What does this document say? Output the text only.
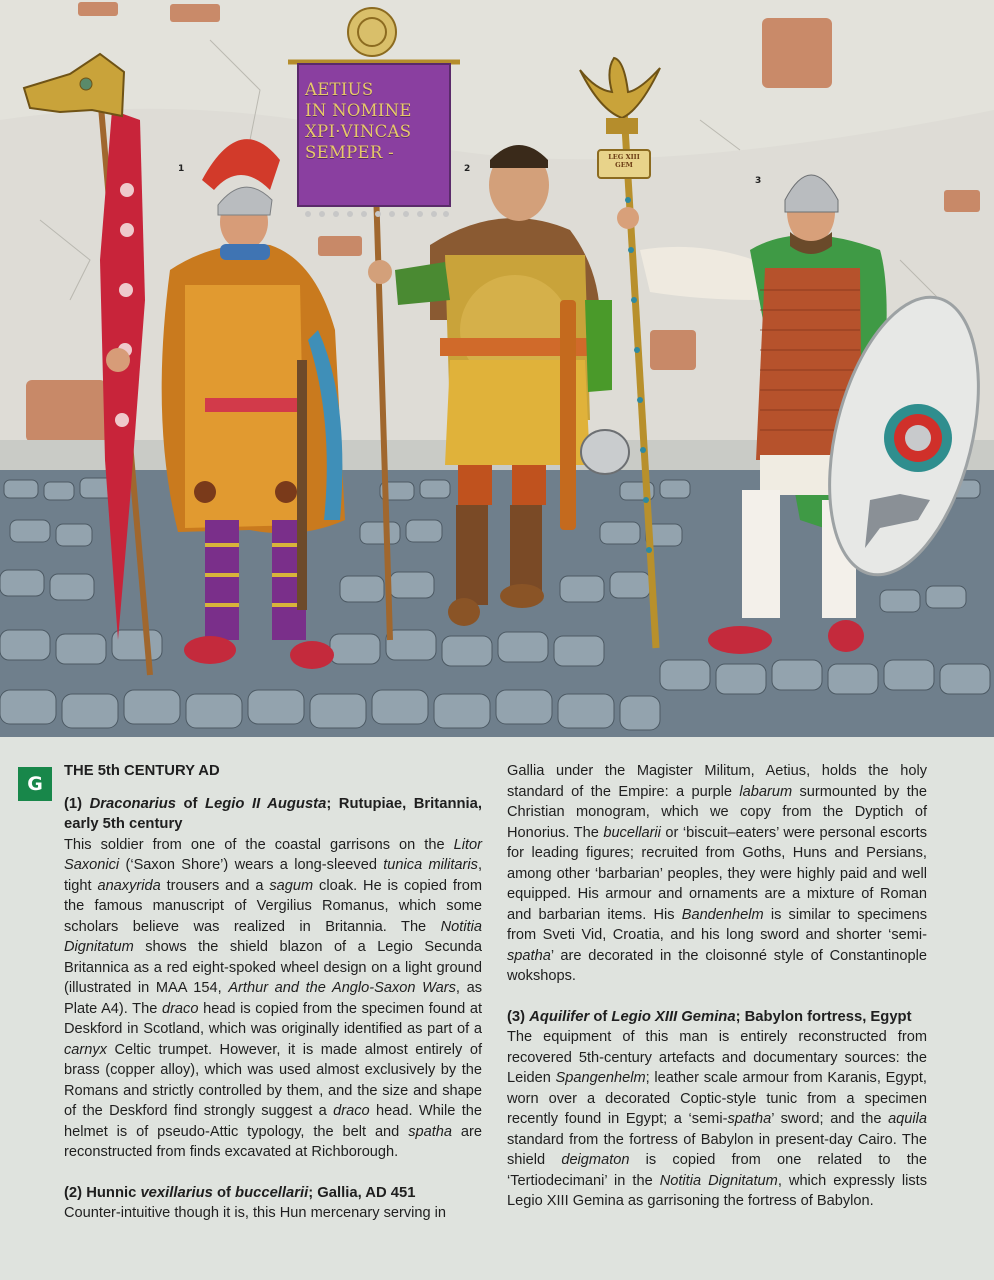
AETIUS
IN NOMINE
XPI·VINCAS
SEMPER -	LEG XIII
GEM
1	2
3
G

THE 5th CENTURY AD

(1) Draconarius of Legio II Augusta; Rutupiae, Britannia, early 5th century

This soldier from one of the coastal garrisons on the Litor Saxonici (‘Saxon Shore’) wears a long-sleeved tunica militaris, tight anaxyrida trousers and a sagum cloak. He is copied from the famous manuscript of Vergilius Romanus, which some scholars believe was realized in Britannia. The Notitia Dignitatum shows the shield blazon of a Legio Secunda Britannica as a red eight-spoked wheel design on a light ground (illustrated in MAA 154, Arthur and the Anglo-Saxon Wars, as Plate A4). The draco head is copied from the specimen found at Deskford in Scotland, which was originally identified as part of a carnyx Celtic trumpet. However, it is made almost entirely of brass (copper alloy), which was used almost exclusively by the Romans and strictly controlled by them, and the size and shape of the Deskford find strongly suggest a draco head. While the helmet is of pseudo-Attic typology, the belt and spatha are reconstructed from finds excavated at Richborough.

(2) Hunnic vexillarius of buccellarii; Gallia, AD 451

Counter-intuitive though it is, this Hun mercenary serving in

Gallia under the Magister Militum, Aetius, holds the holy standard of the Empire: a purple labarum surmounted by the Christian monogram, which we copy from the Dyptich of Honorius. The bucellarii or ‘biscuit–eaters’ were personal escorts for leading figures; recruited from Goths, Huns and Persians, among other ‘barbarian’ peoples, they were highly paid and well equipped. His armour and ornaments are a mixture of Roman and barbarian items. His Bandenhelm is similar to specimens from Sveti Vid, Croatia, and his long sword and shorter ‘semi-spatha’ are decorated in the cloisonné style of Constantinople wokshops.

(3) Aquilifer of Legio XIII Gemina; Babylon fortress, Egypt

The equipment of this man is entirely reconstructed from recovered 5th-century artefacts and documentary sources: the Leiden Spangenhelm; leather scale armour from Karanis, Egypt, worn over a decorated Coptic-style tunic from a specimen recently found in Egypt; a ‘semi-spatha’ sword; and the aquila standard from the fortress of Babylon in present-day Cairo. The shield deigmaton is copied from one related to the ‘Tertiodecimani’ in the Notitia Dignitatum, which expressly lists Legio XIII Gemina as garrisoning the fortress of Babylon.
